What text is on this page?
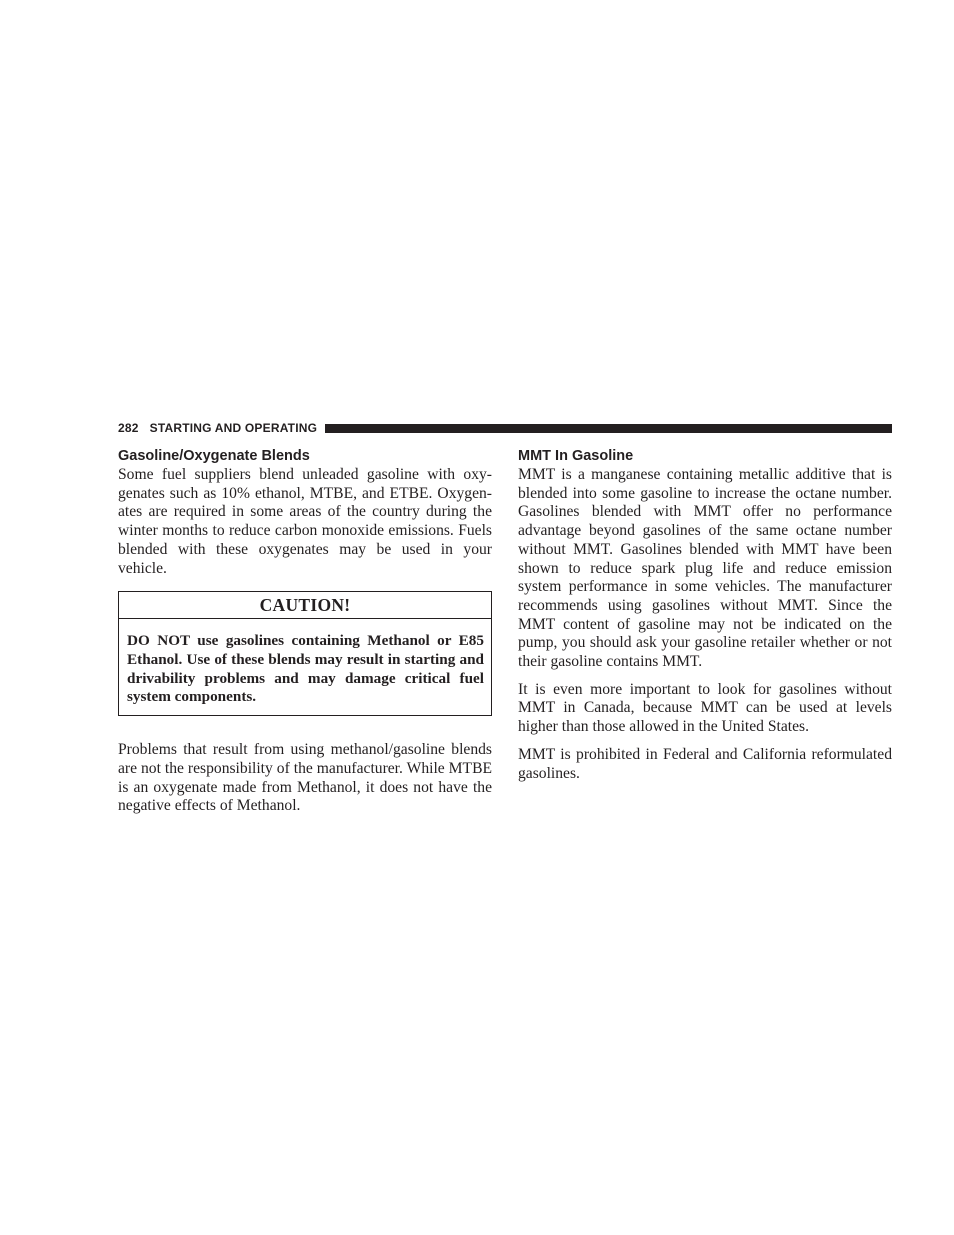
282 STARTING AND OPERATING
Gasoline/Oxygenate Blends

Some fuel suppliers blend unleaded gasoline with oxygenates such as 10% ethanol, MTBE, and ETBE. Oxygenates are required in some areas of the country during the winter months to reduce carbon monoxide emissions. Fuels blended with these oxygenates may be used in your vehicle.

CAUTION!
DO NOT use gasolines containing Methanol or E85 Ethanol. Use of these blends may result in starting and drivability problems and may damage critical fuel system components.

Problems that result from using methanol/gasoline blends are not the responsibility of the manufacturer. While MTBE is an oxygenate made from Methanol, it does not have the negative effects of Methanol.

MMT In Gasoline

MMT is a manganese containing metallic additive that is blended into some gasoline to increase the octane number. Gasolines blended with MMT offer no performance advantage beyond gasolines of the same octane number without MMT. Gasolines blended with MMT have been shown to reduce spark plug life and reduce emission system performance in some vehicles. The manufacturer recommends using gasolines without MMT. Since the MMT content of gasoline may not be indicated on the pump, you should ask your gasoline retailer whether or not their gasoline contains MMT.

It is even more important to look for gasolines without MMT in Canada, because MMT can be used at levels higher than those allowed in the United States.

MMT is prohibited in Federal and California reformulated gasolines.
